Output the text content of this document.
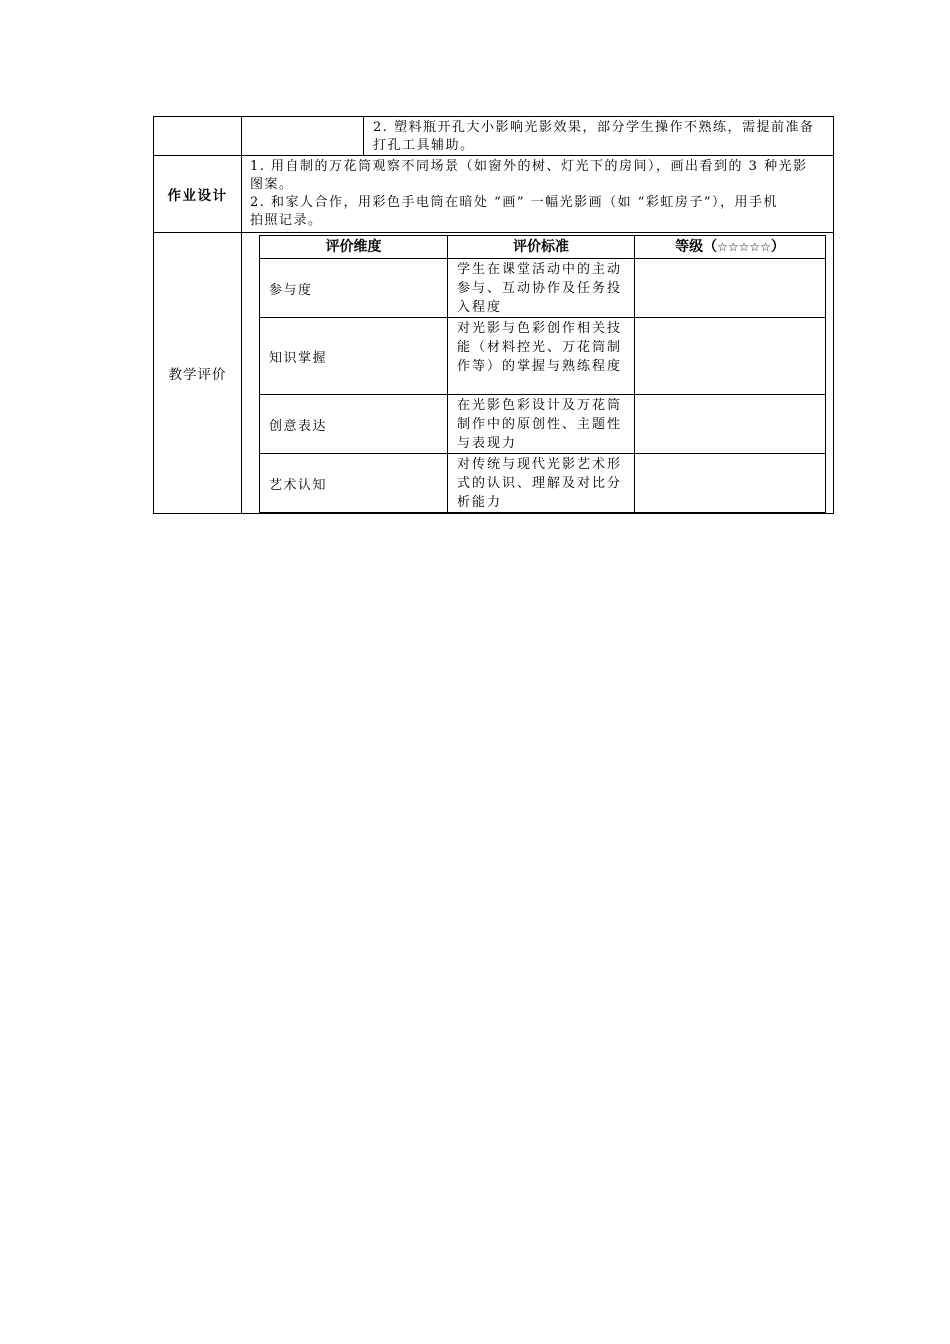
2. 塑料瓶开孔大小影响光影效果，部分学生操作不熟练，需提前准备打孔工具辅助。

作业设计	
1. 用自制的万花筒观察不同场景（如窗外的树、灯光下的房间），画出看到的 3 种光影图案。
2. 和家人合作，用彩色手电筒在暗处 “画” 一幅光影画（如 “彩虹房子”），用手机拍照记录。

教学评价	
评价维度	评价标准	等级（☆☆☆☆☆）
参与度	学生在课堂活动中的主动参与、互动协作及任务投入程度	
知识掌握	对光影与色彩创作相关技能（材料控光、万花筒制作等）的掌握与熟练程度	
创意表达	在光影色彩设计及万花筒制作中的原创性、主题性与表现力	
艺术认知	对传统与现代光影艺术形式的认识、理解及对比分析能力	
